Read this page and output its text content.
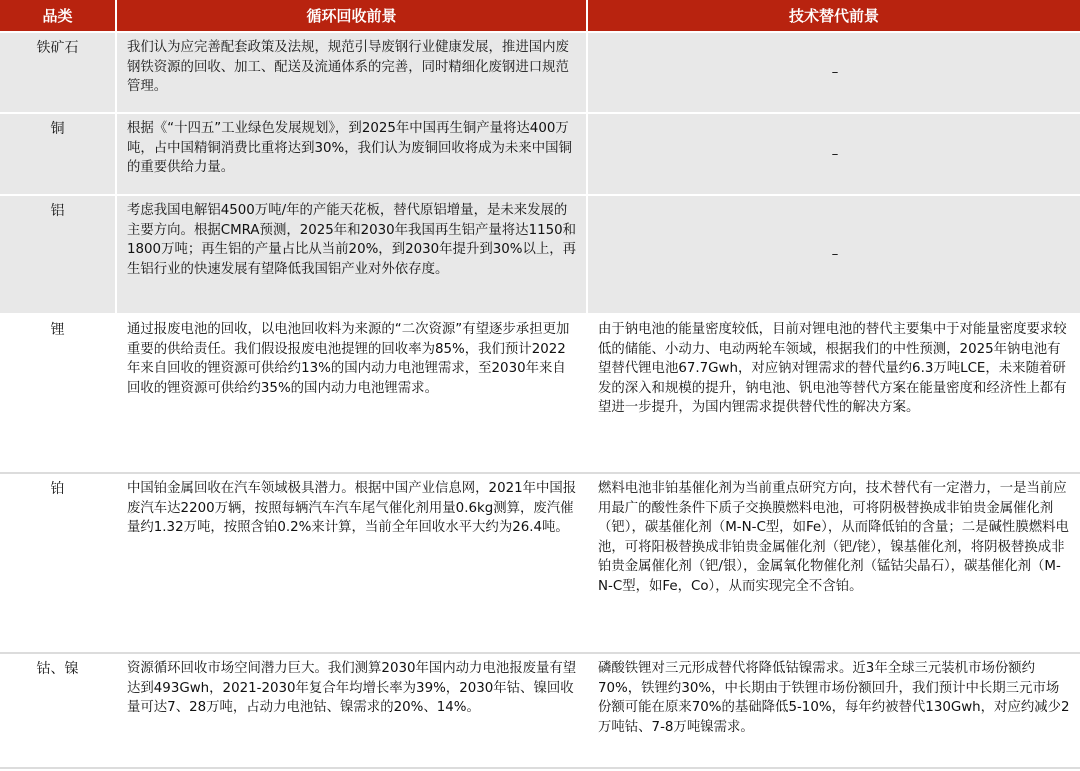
品类	循环回收前景	技术替代前景
铁矿石	我们认为应完善配套政策及法规，规范引导废钢行业健康发展，推进国内废钢铁资源的回收、加工、配送及流通体系的完善，同时精细化废钢进口规范管理。	–
铜	根据《“十四五”工业绿色发展规划》，到2025年中国再生铜产量将达400万吨，占中国精铜消费比重将达到30%，我们认为废铜回收将成为未来中国铜的重要供给力量。	–
铝	考虑我国电解铝4500万吨/年的产能天花板，替代原铝增量，是未来发展的主要方向。根据CMRA预测，2025年和2030年我国再生铝产量将达1150和1800万吨；再生铝的产量占比从当前20%，到2030年提升到30%以上，再生铝行业的快速发展有望降低我国铝产业对外依存度。	–
锂	通过报废电池的回收，以电池回收料为来源的“二次资源”有望逐步承担更加重要的供给责任。我们假设报废电池提锂的回收率为85%，我们预计2022年来自回收的锂资源可供给约13%的国内动力电池锂需求，至2030年来自回收的锂资源可供给约35%的国内动力电池锂需求。	由于钠电池的能量密度较低，目前对锂电池的替代主要集中于对能量密度要求较低的储能、小动力、电动两轮车领域，根据我们的中性预测，2025年钠电池有望替代锂电池67.7Gwh，对应钠对锂需求的替代量约6.3万吨LCE，未来随着研发的深入和规模的提升，钠电池、钒电池等替代方案在能量密度和经济性上都有望进一步提升，为国内锂需求提供替代性的解决方案。
铂	中国铂金属回收在汽车领域极具潜力。根据中国产业信息网，2021年中国报废汽车达2200万辆，按照每辆汽车汽车尾气催化剂用量0.6kg测算，废汽催量约1.32万吨，按照含铂0.2%来计算，当前全年回收水平大约为26.4吨。	燃料电池非铂基催化剂为当前重点研究方向，技术替代有一定潜力，一是当前应用最广的酸性条件下质子交换膜燃料电池，可将阴极替换成非铂贵金属催化剂（钯），碳基催化剂（M-N-C型，如Fe），从而降低铂的含量；二是碱性膜燃料电池，可将阳极替换成非铂贵金属催化剂（钯/铑），镍基催化剂，将阴极替换成非铂贵金属催化剂（钯/银），金属氧化物催化剂（锰钴尖晶石），碳基催化剂（M-N-C型，如Fe，Co），从而实现完全不含铂。
钴、镍	资源循环回收市场空间潜力巨大。我们测算2030年国内动力电池报废量有望达到493Gwh，2021-2030年复合年均增长率为39%，2030年钴、镍回收量可达7、28万吨，占动力电池钴、镍需求的20%、14%。	磷酸铁锂对三元形成替代将降低钴镍需求。近3年全球三元装机市场份额约70%，铁锂约30%，中长期由于铁锂市场份额回升，我们预计中长期三元市场份额可能在原来70%的基础降低5-10%，每年约被替代130Gwh，对应约减少2万吨钴、7-8万吨镍需求。
